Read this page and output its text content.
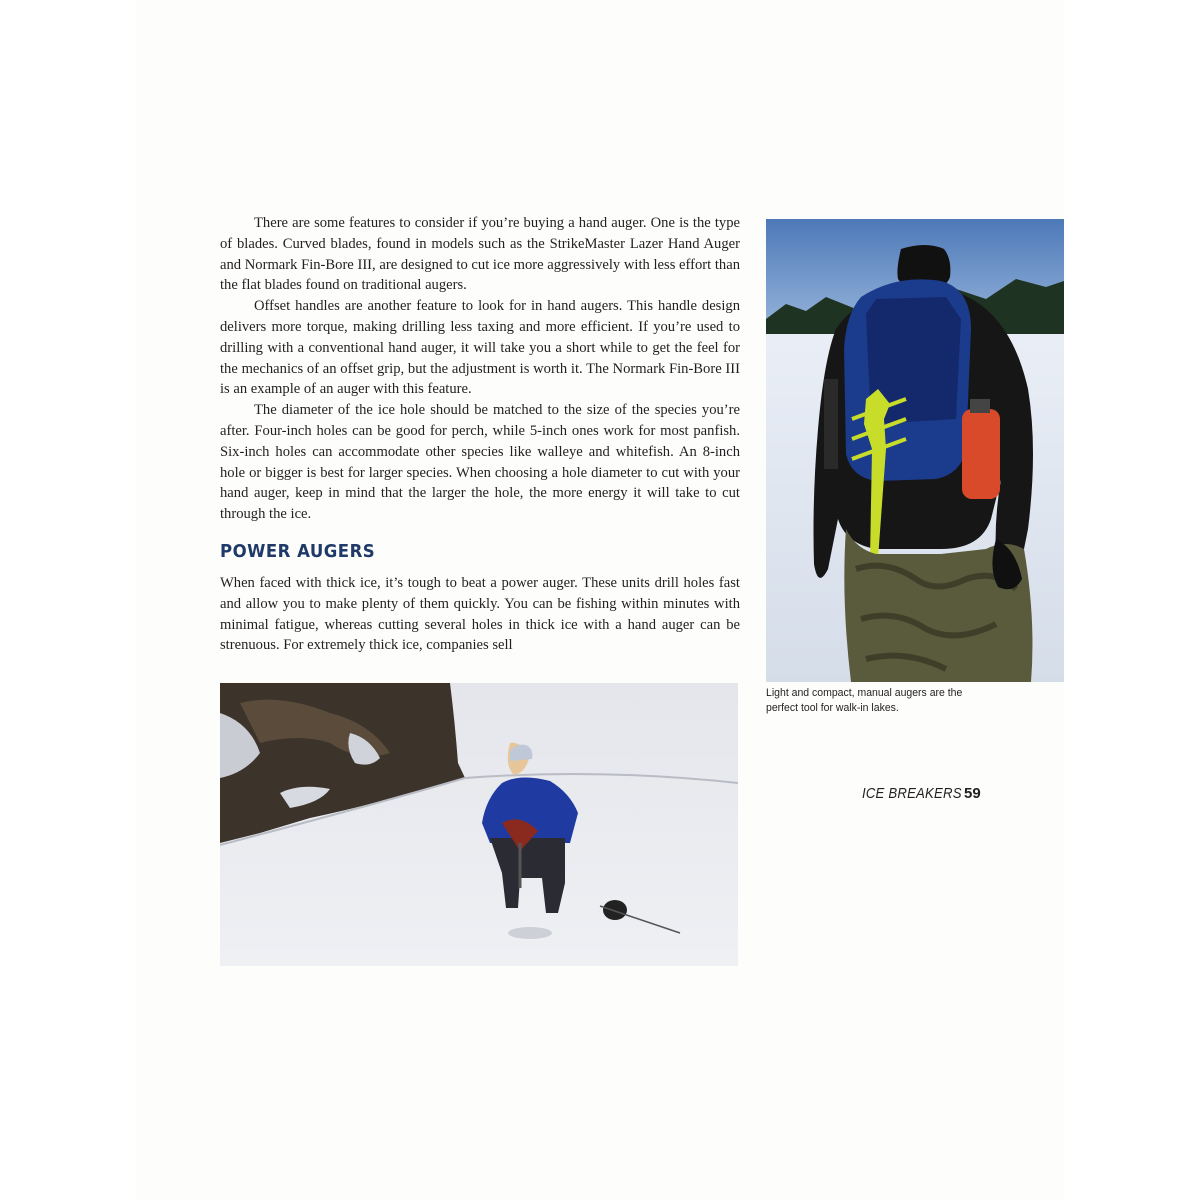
There are some features to consider if you’re buying a hand auger. One is the type of blades. Curved blades, found in models such as the StrikeMaster Lazer Hand Auger and Normark Fin-Bore III, are designed to cut ice more aggressively with less effort than the flat blades found on traditional augers.

Offset handles are another feature to look for in hand augers. This handle design delivers more torque, making drilling less taxing and more efficient. If you’re used to drilling with a conventional hand auger, it will take you a short while to get the feel for the mechanics of an offset grip, but the adjustment is worth it. The Normark Fin-Bore III is an example of an auger with this feature.

The diameter of the ice hole should be matched to the size of the species you’re after. Four-inch holes can be good for perch, while 5-inch ones work for most panfish. Six-inch holes can accommodate other species like walleye and whitefish. An 8-inch hole or bigger is best for larger species. When choosing a hole diameter to cut with your hand auger, keep in mind that the larger the hole, the more energy it will take to cut through the ice.

POWER AUGERS

When faced with thick ice, it’s tough to beat a power auger. These units drill holes fast and allow you to make plenty of them quickly. You can be fishing within minutes with minimal fatigue, whereas cutting several holes in thick ice with a hand auger can be strenuous. For extremely thick ice, companies sell

Light and compact, manual augers are the perfect tool for walk-in lakes.
ICE BREAKERS 59
